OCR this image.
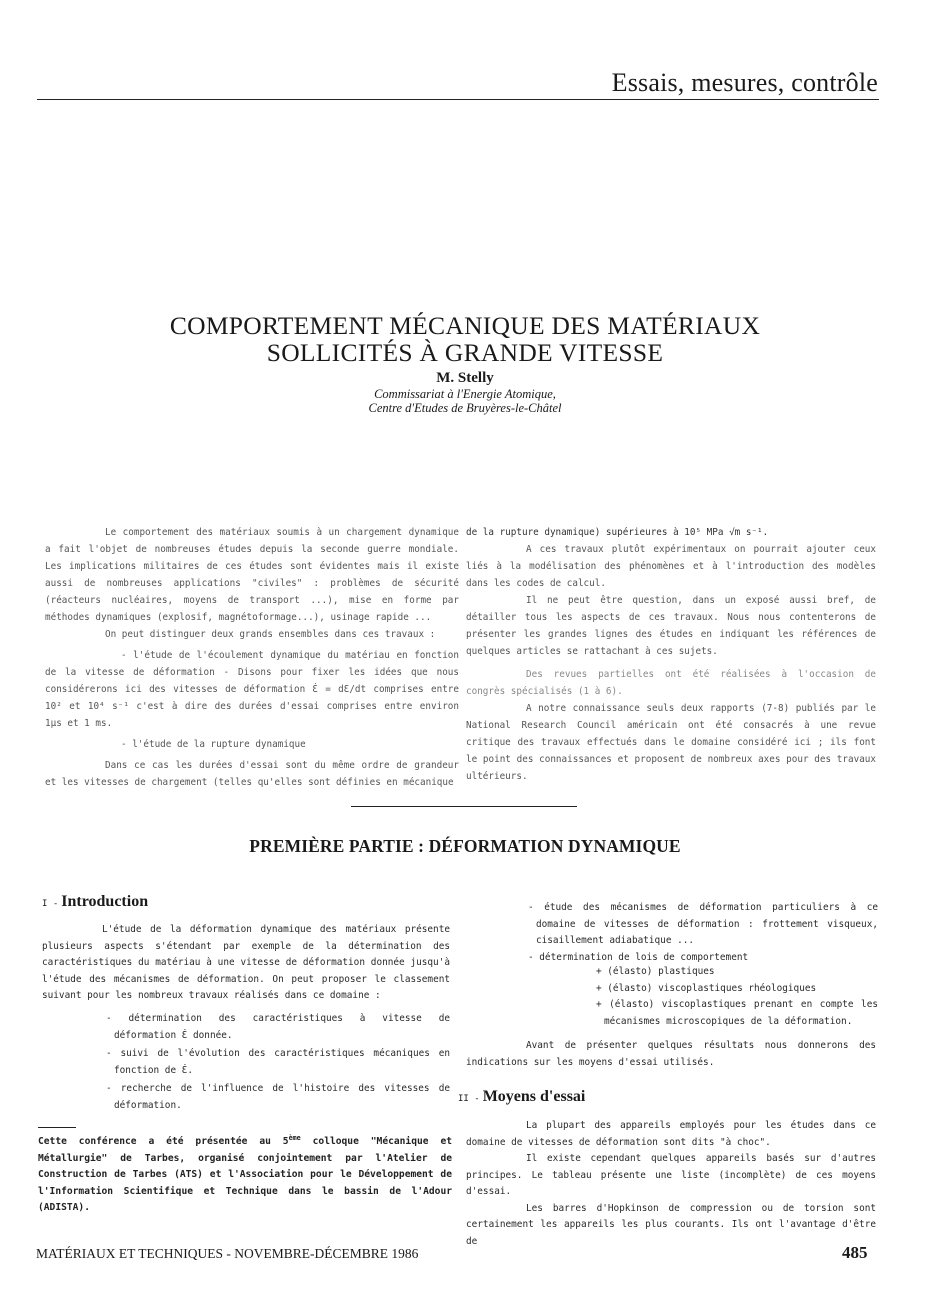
Essais, mesures, contrôle
COMPORTEMENT MÉCANIQUE DES MATÉRIAUX
SOLLICITÉS À GRANDE VITESSE
M. Stelly
Commissariat à l'Energie Atomique,
Centre d'Etudes de Bruyères-le-Châtel

Le comportement des matériaux soumis à un chargement dynamique a fait l'objet de nombreuses études depuis la seconde guerre mondiale. Les implications militaires de ces études sont évidentes mais il existe aussi de nombreuses applications "civiles" : problèmes de sécurité (réacteurs nucléaires, moyens de transport ...), mise en forme par méthodes dynamiques (explosif, magnétoformage...), usinage rapide ...

On peut distinguer deux grands ensembles dans ces travaux :

- l'étude de l'écoulement dynamique du matériau en fonction de la vitesse de déformation - Disons pour fixer les idées que nous considérerons ici des vitesses de déformation Ɛ̇ = dƐ/dt comprises entre 10² et 10⁴ s⁻¹ c'est à dire des durées d'essai comprises entre environ 1μs et 1 ms.

- l'étude de la rupture dynamique

Dans ce cas les durées d'essai sont du même ordre de grandeur et les vitesses de chargement (telles qu'elles sont définies en mécanique

de la rupture dynamique) supérieures à 10⁵ MPa √m s⁻¹.

A ces travaux plutôt expérimentaux on pourrait ajouter ceux liés à la modélisation des phénomènes et à l'introduction des modèles dans les codes de calcul.

Il ne peut être question, dans un exposé aussi bref, de détailler tous les aspects de ces travaux. Nous nous contenterons de présenter les grandes lignes des études en indiquant les références de quelques articles se rattachant à ces sujets.

Des revues partielles ont été réalisées à l'occasion de congrès spécialisés (1 à 6).

A notre connaissance seuls deux rapports (7-8) publiés par le National Research Council américain ont été consacrés à une revue critique des travaux effectués dans le domaine considéré ici ; ils font le point des connaissances et proposent de nombreux axes pour des travaux ultérieurs.

PREMIÈRE PARTIE : DÉFORMATION DYNAMIQUE
I - Introduction

L'étude de la déformation dynamique des matériaux présente plusieurs aspects s'étendant par exemple de la détermination des caractéristiques du matériau à une vitesse de déformation donnée jusqu'à l'étude des mécanismes de déformation. On peut proposer le classement suivant pour les nombreux travaux réalisés dans ce domaine :

- détermination des caractéristiques à vitesse de déformation Ɛ̇ donnée.

- suivi de l'évolution des caractéristiques mécaniques en fonction de Ɛ̇.

- recherche de l'influence de l'histoire des vitesses de déformation.

- étude des mécanismes de déformation particuliers à ce domaine de vitesses de déformation : frottement visqueux, cisaillement adiabatique ...

- détermination de lois de comportement

+ (élasto) plastiques

+ (élasto) viscoplastiques rhéologiques

+ (élasto) viscoplastiques prenant en compte les mécanismes microscopiques de la déformation.

Avant de présenter quelques résultats nous donnerons des indications sur les moyens d'essai utilisés.

II - Moyens d'essai

La plupart des appareils employés pour les études dans ce domaine de vitesses de déformation sont dits "à choc".

Il existe cependant quelques appareils basés sur d'autres principes. Le tableau présente une liste (incomplète) de ces moyens d'essai.

Les barres d'Hopkinson de compression ou de torsion sont certainement les appareils les plus courants. Ils ont l'avantage d'être de

Cette conférence a été présentée au 5ème colloque "Mécanique et Métallurgie" de Tarbes, organisé conjointement par l'Atelier de Construction de Tarbes (ATS) et l'Association pour le Développement de l'Information Scientifique et Technique dans le bassin de l'Adour (ADISTA).
MATÉRIAUX ET TECHNIQUES - NOVEMBRE-DÉCEMBRE 1986	485
